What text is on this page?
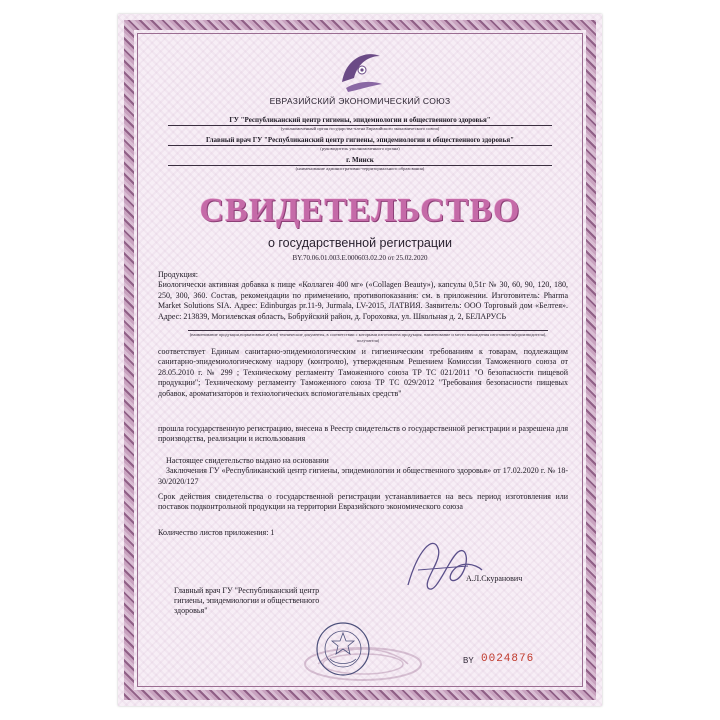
ЕВРАЗИЙСКИЙ ЭКОНОМИЧЕСКИЙ СОЮЗ
ГУ "Республиканский центр гигиены, эпидемиологии и общественного здоровья"
(уполномоченный орган государства-члена Евразийского экономического союза)
Главный врач ГУ "Республиканский центр гигиены, эпидемиологии и общественного здоровья"
(руководитель уполномоченного органа)
г. Минск
(наименование административно-территориального образования)
СВИДЕТЕЛЬСТВО
о государственной регистрации
BY.70.06.01.003.E.000603.02.20 от 25.02.2020

Продукция:

Биологически активная добавка к пище «Коллаген 400 мг» («Collagen Beauty»), капсулы 0,51г № 30, 60, 90, 120, 180, 250, 300, 360. Состав, рекомендации по применению, противопоказания: см. в приложении. Изготовитель: Pharma Market Solutions SIA. Адрес: Edinburgas pr.11-9, Jurmala, LV-2015, ЛАТВИЯ. Заявитель: ООО Торговый дом «Белтея». Адрес: 213839, Могилевская область, Бобруйский район, д. Гороховка, ул. Школьная д. 2, БЕЛАРУСЬ

(наименование продукции,нормативные и(или) технические документы, в соответствии с которыми изготовлена продукция, наименование и место нахождения изготовителя(производителя), получателя)
соответствует Единым санитарно-эпидемиологическим и гигиеническим требованиям к товарам, подлежащим санитарно-эпидемиологическому надзору (контролю), утвержденным Решением Комиссии Таможенного союза от 28.05.2010 г. № 299 ; Техническому регламенту Таможенного союза ТР ТС 021/2011 "О безопасности пищевой продукции"; Техническому регламенту Таможенного союза ТР ТС 029/2012 "Требования безопасности пищевых добавок, ароматизаторов и технологических вспомогательных средств"
прошла государственную регистрацию, внесена в Реестр свидетельств о государственной регистрации и разрешена для производства, реализации и использования

Настоящее свидетельство выдано на основании

Заключения ГУ «Республиканский центр гигиены, эпидемиологии и общественного здоровья» от 17.02.2020 г. № 18-30/2020/127

Срок действия свидетельства о государственной регистрации устанавливается на весь период изготовления или поставок подконтрольной продукции на территории Евразийского экономического союза
Количество листов приложения: 1
Главный врач ГУ "Республиканский центр гигиены, эпидемиологии и общественного здоровья"
А.Л.Скуранович
BY 0024876
